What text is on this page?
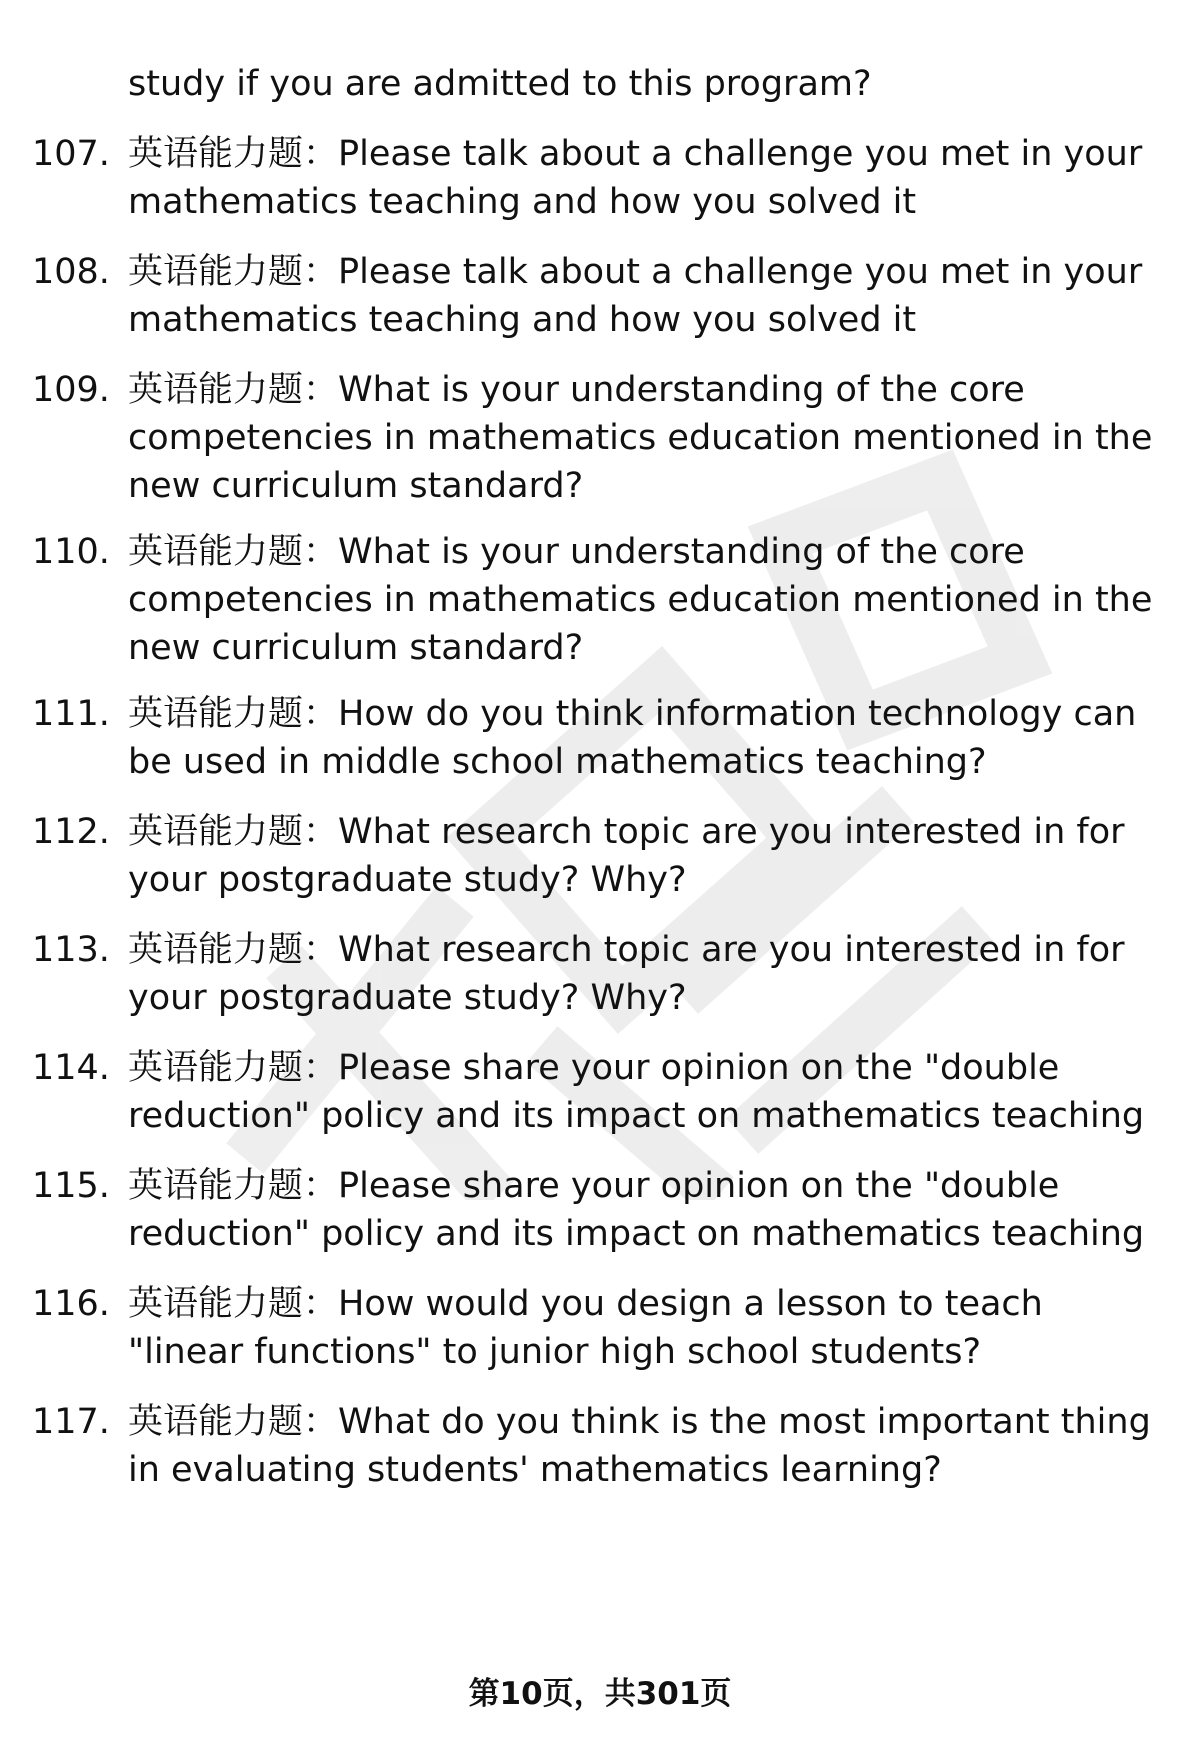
study if you are admitted to this program?
107. 英语能力题：Please talk about a challenge you met in your
mathematics teaching and how you solved it
108. 英语能力题：Please talk about a challenge you met in your
mathematics teaching and how you solved it
109. 英语能力题：What is your understanding of the core
competencies in mathematics education mentioned in the
new curriculum standard?
110. 英语能力题：What is your understanding of the core
competencies in mathematics education mentioned in the
new curriculum standard?
111. 英语能力题：How do you think information technology can
be used in middle school mathematics teaching?
112. 英语能力题：What research topic are you interested in for
your postgraduate study? Why?
113. 英语能力题：What research topic are you interested in for
your postgraduate study? Why?
114. 英语能力题：Please share your opinion on the "double
reduction" policy and its impact on mathematics teaching
115. 英语能力题：Please share your opinion on the "double
reduction" policy and its impact on mathematics teaching
116. 英语能力题：How would you design a lesson to teach
"linear functions" to junior high school students?
117. 英语能力题：What do you think is the most important thing
in evaluating students' mathematics learning?
第10页，共301页
